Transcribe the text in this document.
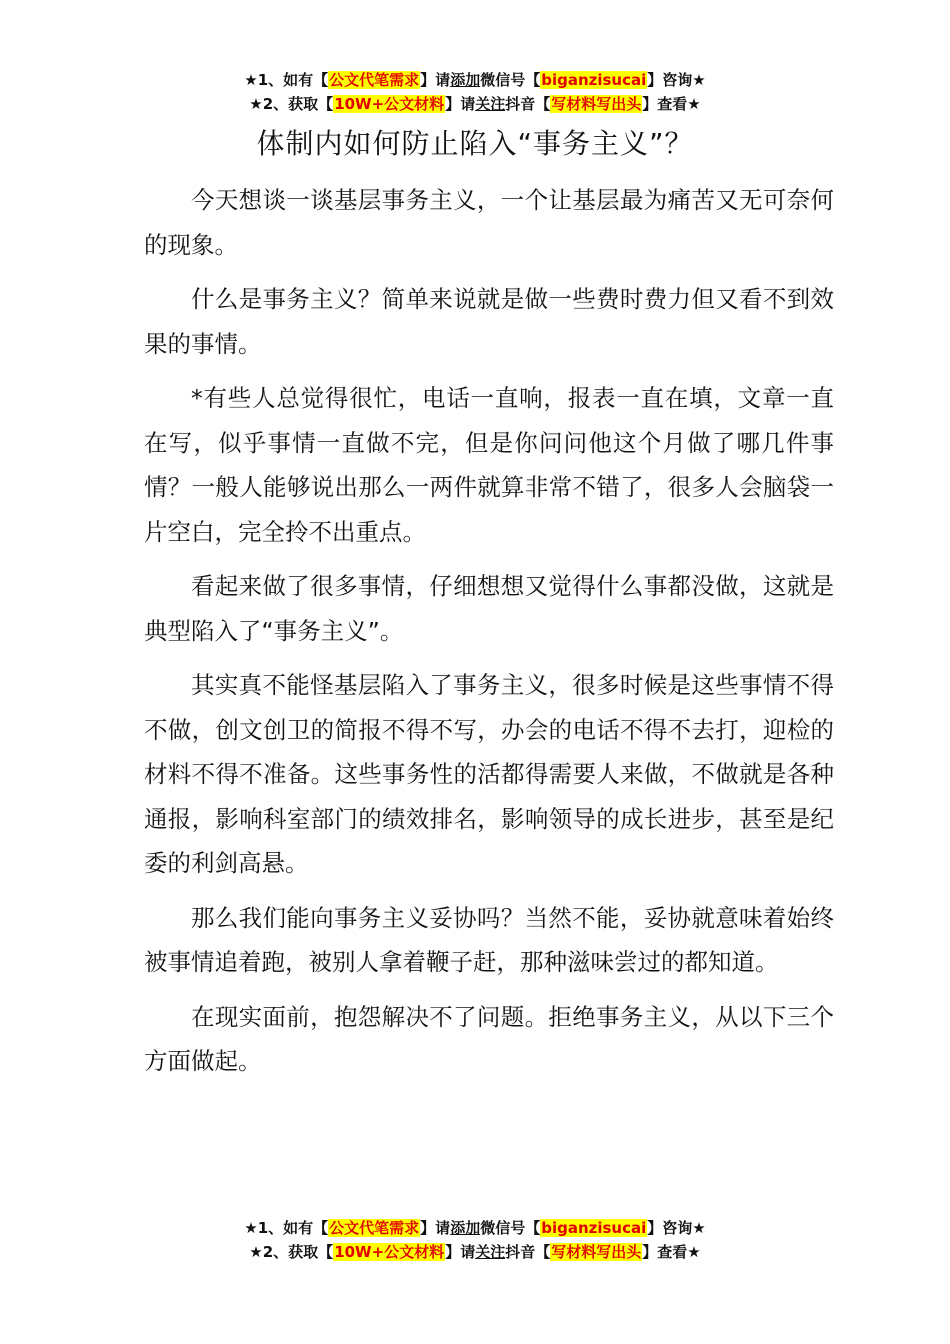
★1、如有【公文代笔需求】请添加微信号【biganzisucai】咨询★
★2、获取【10W+公文材料】请关注抖音【写材料写出头】查看★
体制内如何防止陷入“事务主义”？

今天想谈一谈基层事务主义，一个让基层最为痛苦又无可奈何的现象。

什么是事务主义？简单来说就是做一些费时费力但又看不到效果的事情。

*有些人总觉得很忙，电话一直响，报表一直在填，文章一直在写，似乎事情一直做不完，但是你问问他这个月做了哪几件事情？一般人能够说出那么一两件就算非常不错了，很多人会脑袋一片空白，完全拎不出重点。

看起来做了很多事情，仔细想想又觉得什么事都没做，这就是典型陷入了“事务主义”。

其实真不能怪基层陷入了事务主义，很多时候是这些事情不得不做，创文创卫的简报不得不写，办会的电话不得不去打，迎检的材料不得不准备。这些事务性的活都得需要人来做，不做就是各种通报，影响科室部门的绩效排名，影响领导的成长进步，甚至是纪委的利剑高悬。

那么我们能向事务主义妥协吗？当然不能，妥协就意味着始终被事情追着跑，被别人拿着鞭子赶，那种滋味尝过的都知道。

在现实面前，抱怨解决不了问题。拒绝事务主义，从以下三个方面做起。

★1、如有【公文代笔需求】请添加微信号【biganzisucai】咨询★
★2、获取【10W+公文材料】请关注抖音【写材料写出头】查看★
